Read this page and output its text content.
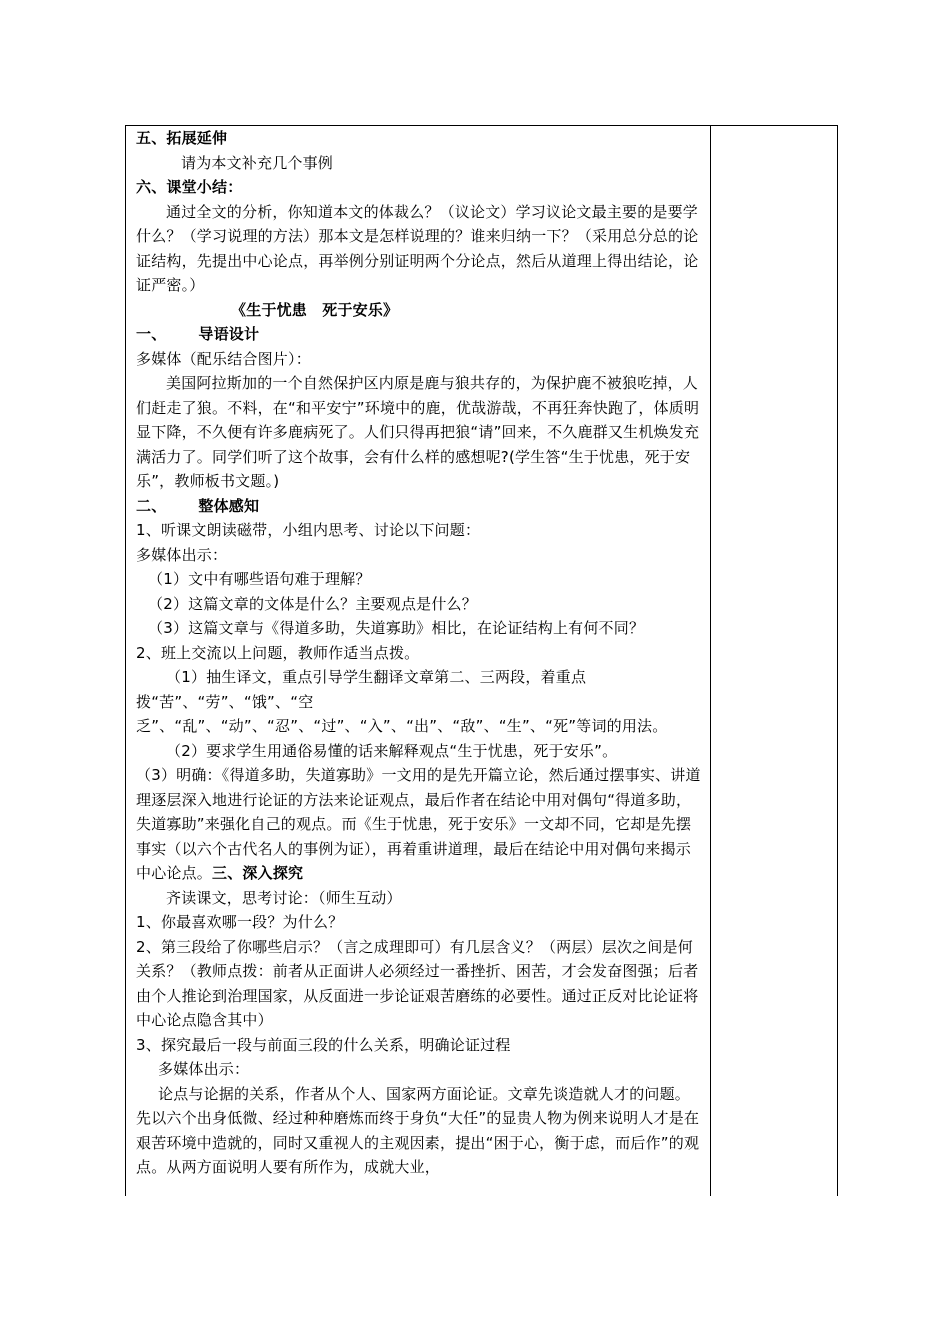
五、拓展延伸

请为本文补充几个事例

六、课堂小结：

通过全文的分析，你知道本文的体裁么？（议论文）学习议论文最主要的是要学什么？（学习说理的方法）那本文是怎样说理的？谁来归纳一下？（采用总分总的论证结构，先提出中心论点，再举例分别证明两个分论点，然后从道理上得出结论，论证严密。）

《生于忧患　死于安乐》

一、 导语设计

多媒体（配乐结合图片）：

美国阿拉斯加的一个自然保护区内原是鹿与狼共存的，为保护鹿不被狼吃掉，人们赶走了狼。不料，在“和平安宁”环境中的鹿，优哉游哉，不再狂奔快跑了，体质明显下降，不久便有许多鹿病死了。人们只得再把狼“请”回来，不久鹿群又生机焕发充满活力了。同学们听了这个故事，会有什么样的感想呢?(学生答“生于忧患，死于安乐”，教师板书文题。)

二、 整体感知

1、听课文朗读磁带，小组内思考、讨论以下问题：

多媒体出示：

（1）文中有哪些语句难于理解？

（2）这篇文章的文体是什么？主要观点是什么？

（3）这篇文章与《得道多助，失道寡助》相比，在论证结构上有何不同？

2、班上交流以上问题，教师作适当点拨。

（1）抽生译文，重点引导学生翻译文章第二、三两段，着重点拨“苦”、“劳”、“饿”、“空乏”、“乱”、“动”、“忍”、“过”、“入”、“出”、“敌”、“生”、“死”等词的用法。

（2）要求学生用通俗易懂的话来解释观点“生于忧患，死于安乐”。

（3）明确：《得道多助，失道寡助》一文用的是先开篇立论，然后通过摆事实、讲道理逐层深入地进行论证的方法来论证观点，最后作者在结论中用对偶句“得道多助，失道寡助”来强化自己的观点。而《生于忧患，死于安乐》一文却不同，它却是先摆事实（以六个古代名人的事例为证），再着重讲道理，最后在结论中用对偶句来揭示中心论点。三、深入探究

齐读课文，思考讨论：（师生互动）

1、你最喜欢哪一段？为什么？

2、第三段给了你哪些启示？（言之成理即可）有几层含义？（两层）层次之间是何关系？（教师点拨：前者从正面讲人必须经过一番挫折、困苦，才会发奋图强；后者由个人推论到治理国家，从反面进一步论证艰苦磨练的必要性。通过正反对比论证将中心论点隐含其中）

3、探究最后一段与前面三段的什么关系，明确论证过程

多媒体出示：

论点与论据的关系，作者从个人、国家两方面论证。文章先谈造就人才的问题。先以六个出身低微、经过种种磨炼而终于身负“大任”的显贵人物为例来说明人才是在艰苦环境中造就的，同时又重视人的主观因素，提出“困于心，衡于虑，而后作”的观点。从两方面说明人要有所作为，成就大业，
